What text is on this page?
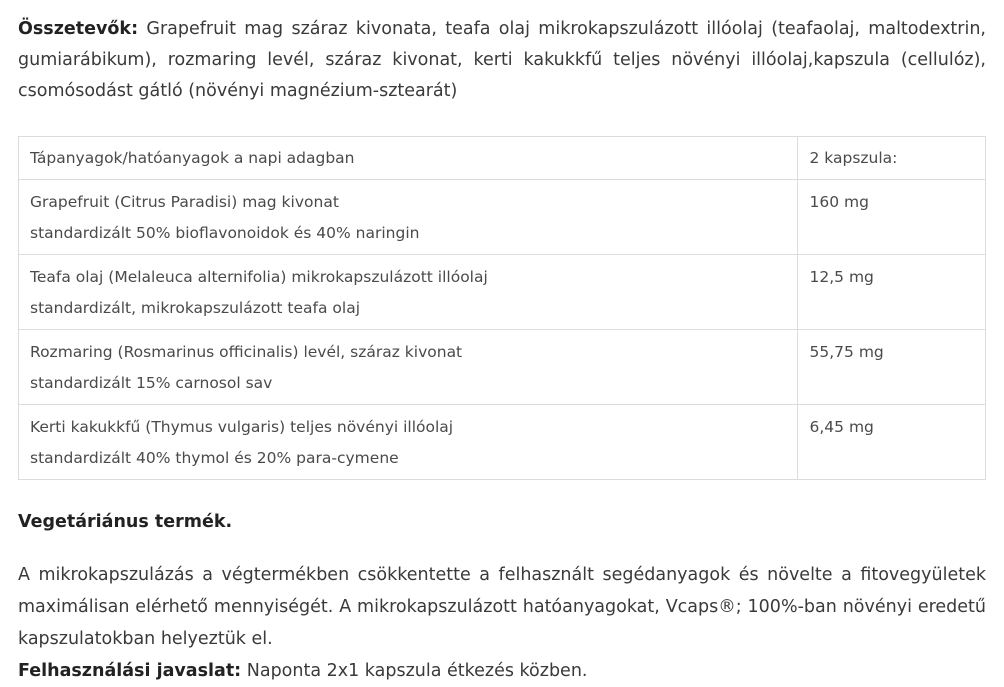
Összetevők: Grapefruit mag száraz kivonata, teafa olaj mikrokapszulázott illóolaj (teafaolaj, maltodextrin, gumiarábikum), rozmaring levél, száraz kivonat, kerti kakukkfű teljes növényi illóolaj,kapszula (cellulóz), csomósodást gátló (növényi magnézium-sztearát)

Tápanyagok/hatóanyagok a napi adagban	2 kapszula:

Grapefruit (Citrus Paradisi) mag kivonat
standardizált 50% bioflavonoidok és 40% naringin	160 mg

Teafa olaj (Melaleuca alternifolia) mikrokapszulázott illóolaj
standardizált, mikrokapszulázott teafa olaj	12,5 mg

Rozmaring (Rosmarinus officinalis) levél, száraz kivonat
standardizált 15% carnosol sav	55,75 mg

Kerti kakukkfű (Thymus vulgaris) teljes növényi illóolaj
standardizált 40% thymol és 20% para-cymene	6,45 mg

Vegetáriánus termék.

A mikrokapszulázás a végtermékben csökkentette a felhasznált segédanyagok és növelte a fitovegyületek maximálisan elérhető mennyiségét. A mikrokapszulázott hatóanyagokat, Vcaps®; 100%-ban növényi eredetű kapszulatokban helyeztük el.

Felhasználási javaslat: Naponta 2x1 kapszula étkezés közben.
